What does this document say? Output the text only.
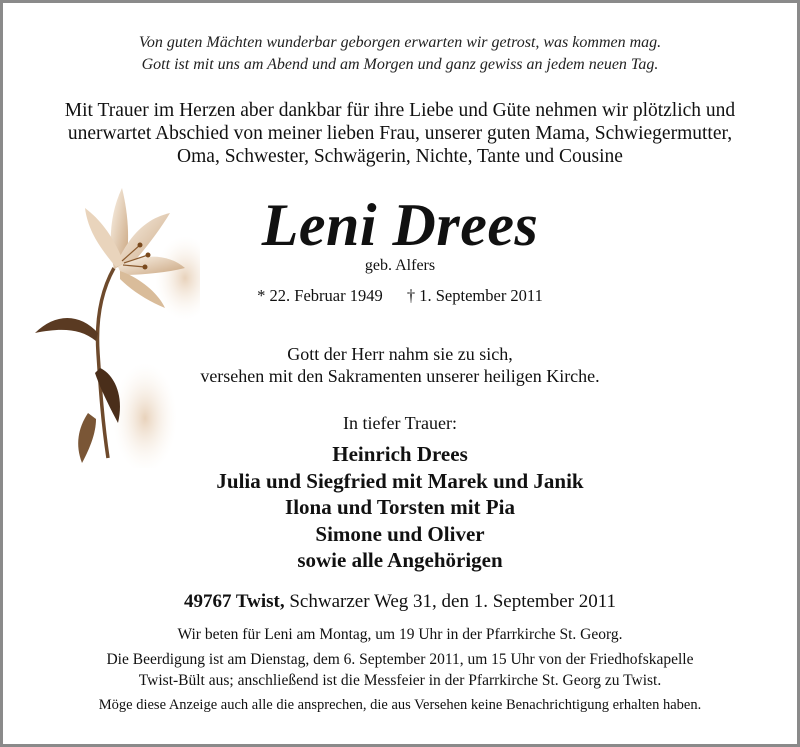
Von guten Mächten wunderbar geborgen erwarten wir getrost, was kommen mag.
Gott ist mit uns am Abend und am Morgen und ganz gewiss an jedem neuen Tag.
Mit Trauer im Herzen aber dankbar für ihre Liebe und Güte nehmen wir plötzlich und
unerwartet Abschied von meiner lieben Frau, unserer guten Mama, Schwiegermutter,
Oma, Schwester, Schwägerin, Nichte, Tante und Cousine
Leni Drees
geb. Alfers
* 22. Februar 1949 † 1. September 2011
Gott der Herr nahm sie zu sich,
versehen mit den Sakramenten unserer heiligen Kirche.
In tiefer Trauer:
Heinrich Drees
Julia und Siegfried mit Marek und Janik
Ilona und Torsten mit Pia
Simone und Oliver
sowie alle Angehörigen
49767 Twist, Schwarzer Weg 31, den 1. September 2011
Wir beten für Leni am Montag, um 19 Uhr in der Pfarrkirche St. Georg.
Die Beerdigung ist am Dienstag, dem 6. September 2011, um 15 Uhr von der Friedhofskapelle
Twist-Bült aus; anschließend ist die Messfeier in der Pfarrkirche St. Georg zu Twist.
Möge diese Anzeige auch alle die ansprechen, die aus Versehen keine Benachrichtigung erhalten haben.
